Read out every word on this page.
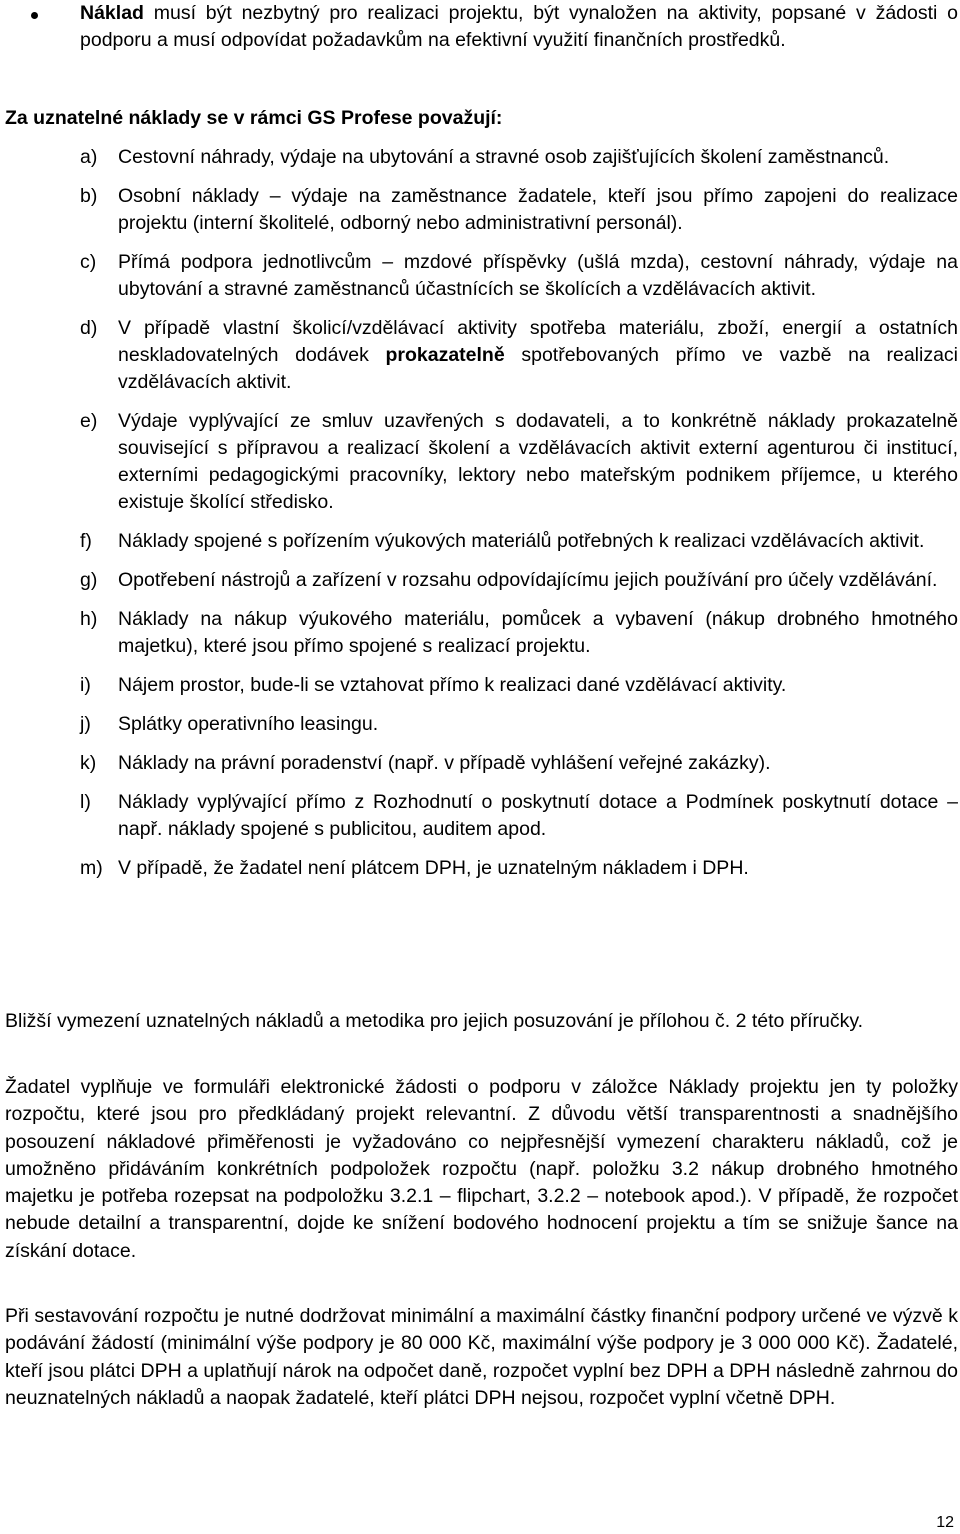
Náklad musí být nezbytný pro realizaci projektu, být vynaložen na aktivity, popsané v žádosti o podporu a musí odpovídat požadavkům na efektivní využití finančních prostředků.
Za uznatelné náklady se v rámci GS Profese považují:
a) Cestovní náhrady, výdaje na ubytování a stravné osob zajišťujících školení zaměstnanců.
b) Osobní náklady – výdaje na zaměstnance žadatele, kteří jsou přímo zapojeni do realizace projektu (interní školitelé, odborný nebo administrativní personál).
c) Přímá podpora jednotlivcům – mzdové příspěvky (ušlá mzda), cestovní náhrady, výdaje na ubytování a stravné zaměstnanců účastnících se školících a vzdělávacích aktivit.
d) V případě vlastní školicí/vzdělávací aktivity spotřeba materiálu, zboží, energií a ostatních neskladovatelných dodávek prokazatelně spotřebovaných přímo ve vazbě na realizaci vzdělávacích aktivit.
e) Výdaje vyplývající ze smluv uzavřených s dodavateli, a to konkrétně náklady prokazatelně související s přípravou a realizací školení a vzdělávacích aktivit externí agenturou či institucí, externími pedagogickými pracovníky, lektory nebo mateřským podnikem příjemce, u kterého existuje školící středisko.
f) Náklady spojené s pořízením výukových materiálů potřebných k realizaci vzdělávacích aktivit.
g) Opotřebení nástrojů a zařízení v rozsahu odpovídajícímu jejich používání pro účely vzdělávání.
h) Náklady na nákup výukového materiálu, pomůcek a vybavení (nákup drobného hmotného majetku), které jsou přímo spojené s realizací projektu.
i) Nájem prostor, bude-li se vztahovat přímo k realizaci dané vzdělávací aktivity.
j) Splátky operativního leasingu.
k) Náklady na právní poradenství (např. v případě vyhlášení veřejné zakázky).
l) Náklady vyplývající přímo z Rozhodnutí o poskytnutí dotace a Podmínek poskytnutí dotace – např. náklady spojené s publicitou, auditem apod.
m) V případě, že žadatel není plátcem DPH, je uznatelným nákladem i DPH.
Bližší vymezení uznatelných nákladů a metodika pro jejich posuzování je přílohou č. 2 této příručky.
Žadatel vyplňuje ve formuláři elektronické žádosti o podporu v záložce Náklady projektu jen ty položky rozpočtu, které jsou pro předkládaný projekt relevantní. Z důvodu větší transparentnosti a snadnějšího posouzení nákladové přiměřenosti je vyžadováno co nejpřesnější vymezení charakteru nákladů, což je umožněno přidáváním konkrétních podpoložek rozpočtu (např. položku 3.2 nákup drobného hmotného majetku je potřeba rozepsat na podpoložku 3.2.1 – flipchart, 3.2.2 – notebook apod.). V případě, že rozpočet nebude detailní a transparentní, dojde ke snížení bodového hodnocení projektu a tím se snižuje šance na získání dotace.
Při sestavování rozpočtu je nutné dodržovat minimální a maximální částky finanční podpory určené ve výzvě k podávání žádostí (minimální výše podpory je 80 000 Kč, maximální výše podpory je 3 000 000 Kč). Žadatelé, kteří jsou plátci DPH a uplatňují nárok na odpočet daně, rozpočet vyplní bez DPH a DPH následně zahrnou do neuznatelných nákladů a naopak žadatelé, kteří plátci DPH nejsou, rozpočet vyplní včetně DPH.
12
